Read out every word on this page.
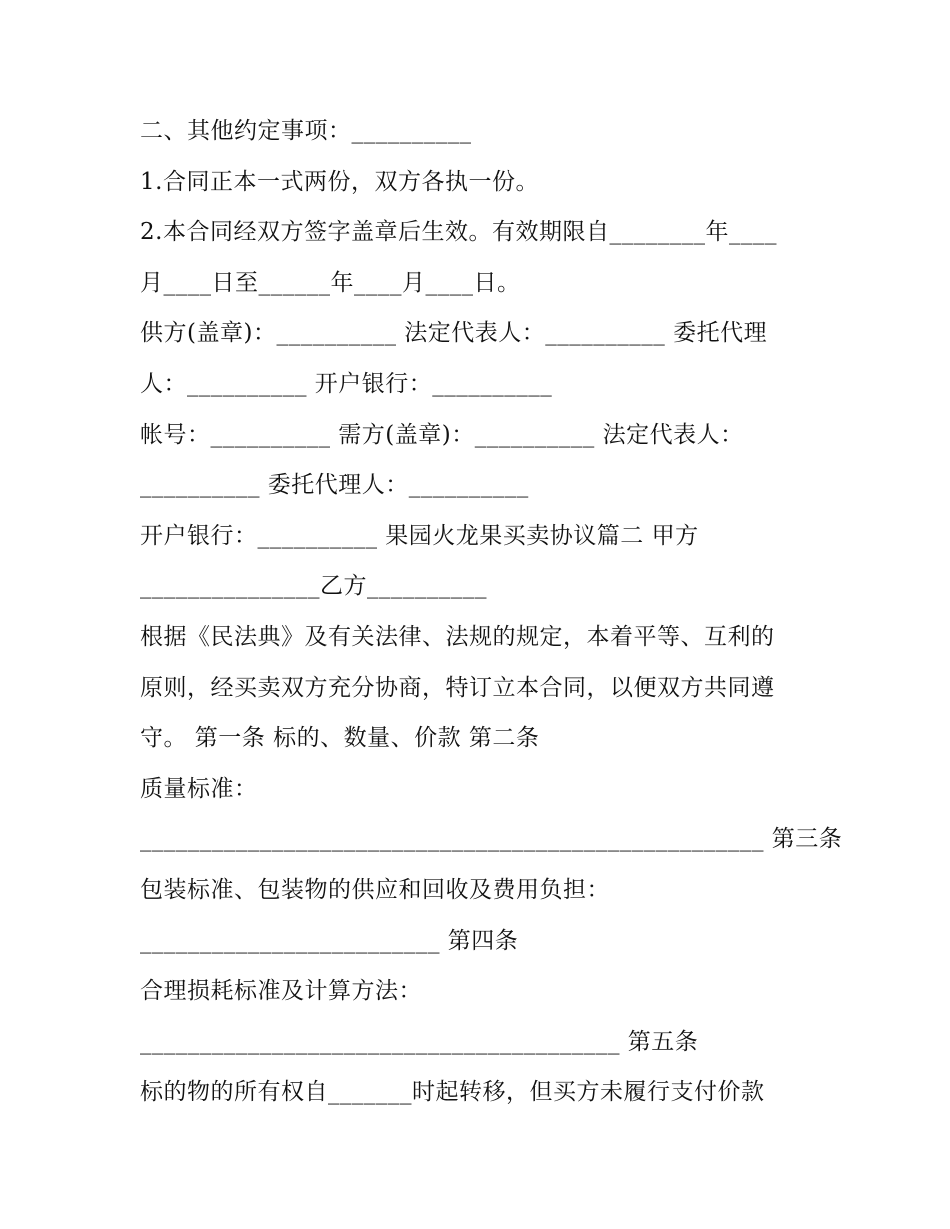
二、其他约定事项：__________
1.合同正本一式两份，双方各执一份。
2.本合同经双方签字盖章后生效。有效期限自________年____
月____日至______年____月____日。
供方(盖章)：__________ 法定代表人：__________ 委托代理
人：__________ 开户银行：__________
帐号：__________ 需方(盖章)：__________ 法定代表人：
__________ 委托代理人：__________
开户银行：__________ 果园火龙果买卖协议篇二 甲方
_______________乙方__________
根据《民法典》及有关法律、法规的规定，本着平等、互利的
原则，经买卖双方充分协商，特订立本合同，以便双方共同遵
守。 第一条 标的、数量、价款 第二条
质量标准：
____________________________________________________ 第三条
包装标准、包装物的供应和回收及费用负担：
_________________________ 第四条
合理损耗标准及计算方法：
________________________________________ 第五条
标的物的所有权自_______时起转移，但买方未履行支付价款
